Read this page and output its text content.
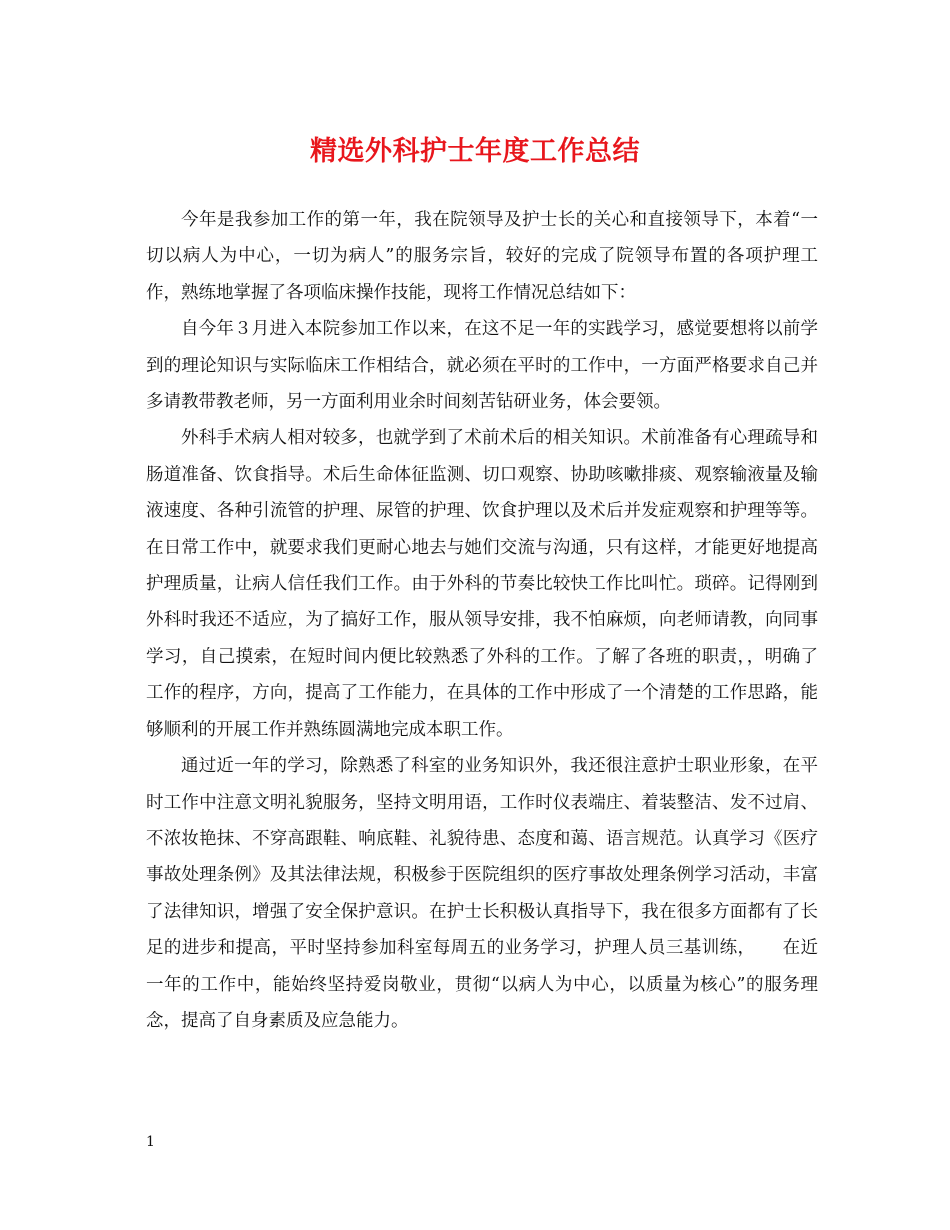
精选外科护士年度工作总结

今年是我参加工作的第一年，我在院领导及护士长的关心和直接领导下，本着“一切以病人为中心，一切为病人”的服务宗旨，较好的完成了院领导布置的各项护理工作，熟练地掌握了各项临床操作技能，现将工作情况总结如下：

自今年３月进入本院参加工作以来，在这不足一年的实践学习，感觉要想将以前学到的理论知识与实际临床工作相结合，就必须在平时的工作中，一方面严格要求自己并多请教带教老师，另一方面利用业余时间刻苦钻研业务，体会要领。

外科手术病人相对较多，也就学到了术前术后的相关知识。术前准备有心理疏导和肠道准备、饮食指导。术后生命体征监测、切口观察、协助咳嗽排痰、观察输液量及输液速度、各种引流管的护理、尿管的护理、饮食护理以及术后并发症观察和护理等等。在日常工作中，就要求我们更耐心地去与她们交流与沟通，只有这样，才能更好地提高护理质量，让病人信任我们工作。由于外科的节奏比较快工作比叫忙。琐碎。记得刚到外科时我还不适应，为了搞好工作，服从领导安排，我不怕麻烦，向老师请教，向同事学习，自己摸索，在短时间内便比较熟悉了外科的工作。了解了各班的职责，，明确了工作的程序，方向，提高了工作能力，在具体的工作中形成了一个清楚的工作思路，能够顺利的开展工作并熟练圆满地完成本职工作。

通过近一年的学习，除熟悉了科室的业务知识外，我还很注意护士职业形象，在平时工作中注意文明礼貌服务，坚持文明用语，工作时仪表端庄、着装整洁、发不过肩、不浓妆艳抹、不穿高跟鞋、响底鞋、礼貌待患、态度和蔼、语言规范。认真学习《医疗事故处理条例》及其法律法规，积极参于医院组织的医疗事故处理条例学习活动，丰富了法律知识，增强了安全保护意识。在护士长积极认真指导下，我在很多方面都有了长足的进步和提高，平时坚持参加科室每周五的业务学习，护理人员三基训练，　　在近一年的工作中，能始终坚持爱岗敬业，贯彻“以病人为中心，以质量为核心”的服务理念，提高了自身素质及应急能力。

1
